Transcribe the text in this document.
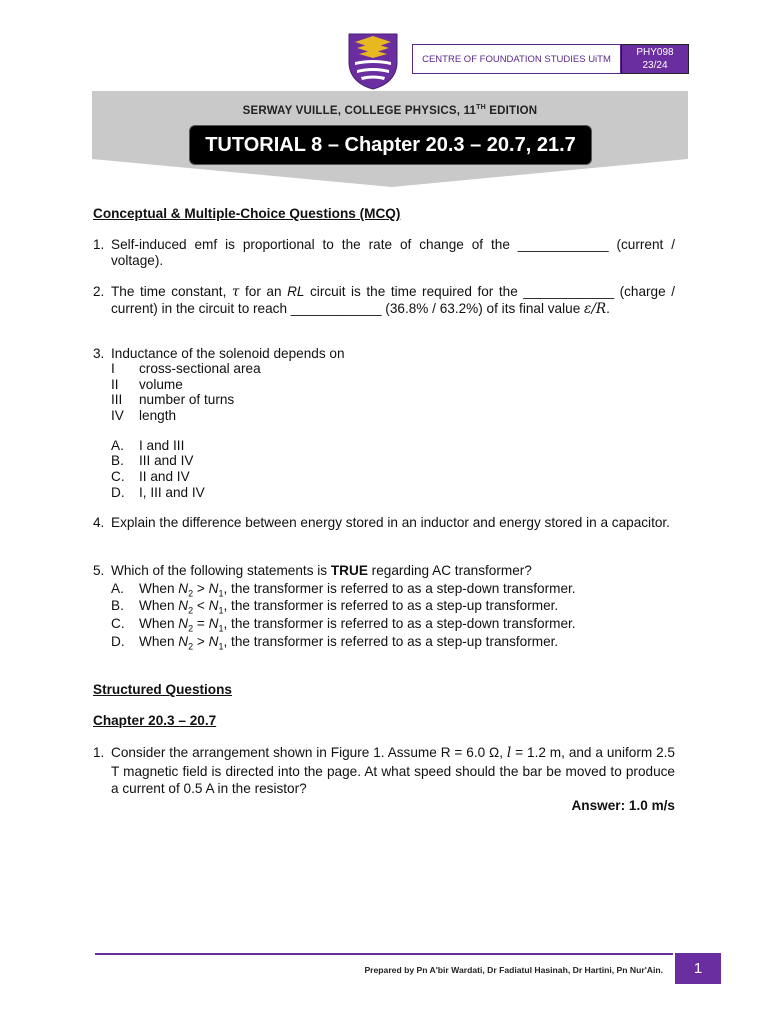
CENTRE OF FOUNDATION STUDIES UiTM
PHY098
23/24
SERWAY VUILLE, COLLEGE PHYSICS, 11TH EDITION
TUTORIAL 8 – Chapter 20.3 – 20.7, 21.7
Conceptual & Multiple-Choice Questions (MCQ)
1. Self-induced emf is proportional to the rate of change of the ____________ (current / voltage).
2. The time constant, τ for an RL circuit is the time required for the ____________ (charge / current) in the circuit to reach ____________ (36.8% / 63.2%) of its final value ε/R.
3. Inductance of the solenoid depends on
I cross-sectional area
II volume
III number of turns
IV length
A. I and III
B. III and IV
C. II and IV
D. I, III and IV
4. Explain the difference between energy stored in an inductor and energy stored in a capacitor.
5. Which of the following statements is TRUE regarding AC transformer?
A. When $N_2 > N_1$, the transformer is referred to as a step-down transformer.
B. When $N_2 < N_1$, the transformer is referred to as a step-up transformer.
C. When $N_2 = N_1$, the transformer is referred to as a step-down transformer.
D. When $N_2 > N_1$, the transformer is referred to as a step-up transformer.
Structured Questions
Chapter 20.3 – 20.7
1. Consider the arrangement shown in Figure 1. Assume R = 6.0 Ω, l = 1.2 m, and a uniform 2.5 T magnetic field is directed into the page. At what speed should the bar be moved to produce a current of 0.5 A in the resistor?
Answer: 1.0 m/s
Prepared by Pn A'bir Wardati, Dr Fadiatul Hasinah, Dr Hartini, Pn Nur'Ain.	1
